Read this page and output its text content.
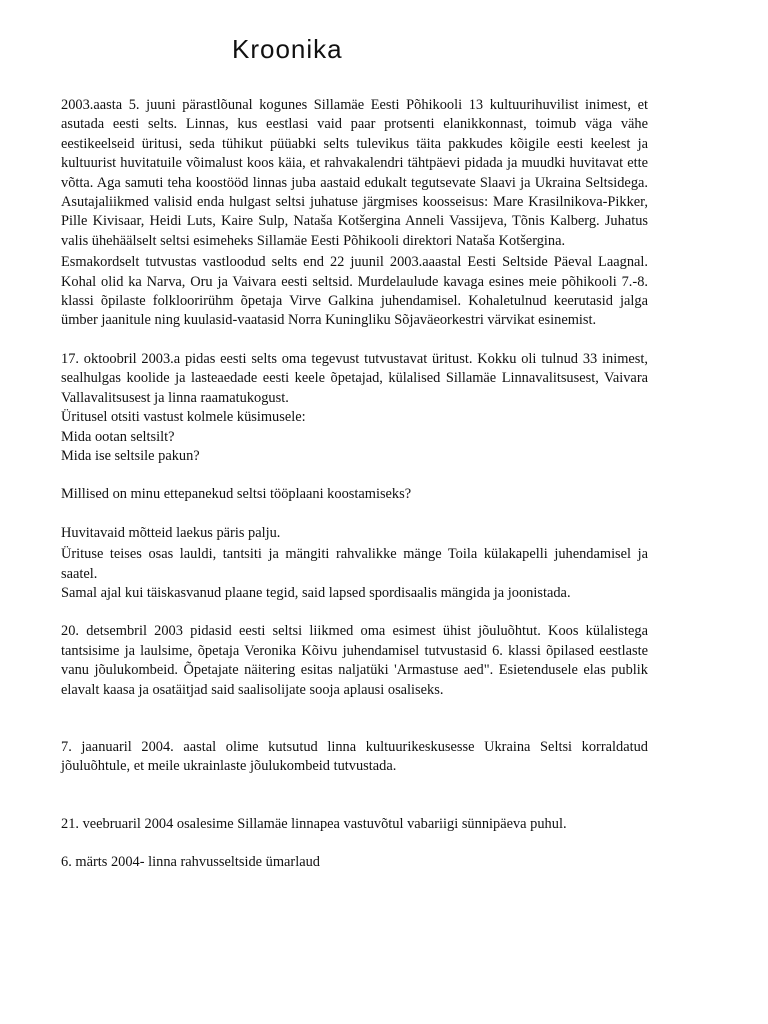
Kroonika

2003.aasta 5. juuni pärastlõunal kogunes Sillamäe Eesti Põhikooli 13 kultuurihuvilist inimest, et asutada eesti selts. Linnas, kus eestlasi vaid paar protsenti elanikkonnast, toimub väga vähe eestikeelseid üritusi, seda tühikut püüabki selts tulevikus täita pakkudes kõigile eesti keelest ja kultuurist huvitatuile võimalust koos käia, et rahvakalendri tähtpäevi pidada ja muudki huvitavat ette võtta. Aga samuti teha koostööd linnas juba aastaid edukalt tegutsevate Slaavi ja Ukraina Seltsidega. Asutajaliikmed valisid enda hulgast seltsi juhatuse järgmises koosseisus: Mare Krasilnikova-Pikker, Pille Kivisaar, Heidi Luts, Kaire Sulp, Nataša Kotšergina Anneli Vassijeva, Tõnis Kalberg. Juhatus valis ühehäälselt seltsi esimeheks Sillamäe Eesti Põhikooli direktori Nataša Kotšergina.

Esmakordselt tutvustas vastloodud selts end 22 juunil 2003.aaastal Eesti Seltside Päeval Laagnal. Kohal olid ka Narva, Oru ja Vaivara eesti seltsid. Murdelaulude kavaga esines meie põhikooli 7.-8. klassi õpilaste folkloorirühm õpetaja Virve Galkina juhendamisel. Kohaletulnud keerutasid jalga ümber jaanitule ning kuulasid-vaatasid Norra Kuningliku Sõjaväeorkestri värvikat esinemist.

17. oktoobril 2003.a pidas eesti selts oma tegevust tutvustavat üritust. Kokku oli tulnud 33 inimest, sealhulgas koolide ja lasteaedade eesti keele õpetajad, külalised Sillamäe Linnavalitsusest, Vaivara Vallavalitsusest ja linna raamatukogust.

Üritusel otsiti vastust kolmele küsimusele:
Mida ootan seltsilt?
Mida ise seltsile pakun?
Millised on minu ettepanekud seltsi tööplaani koostamiseks?
Huvitavaid mõtteid laekus päris palju.

Ürituse teises osas lauldi, tantsiti ja mängiti rahvalikke mänge Toila külakapelli juhendamisel ja saatel.

Samal ajal kui täiskasvanud plaane tegid, said lapsed spordisaalis mängida ja joonistada.

20. detsembril 2003 pidasid eesti seltsi liikmed oma esimest ühist jõuluõhtut. Koos külalistega tantsisime ja laulsime, õpetaja Veronika Kõivu juhendamisel tutvustasid 6. klassi õpilased eestlaste vanu jõulukombeid. Õpetajate näitering esitas naljatüki 'Armastuse aed". Esietendusele elas publik elavalt kaasa ja osatäitjad said saalisolijate sooja aplausi osaliseks.

7. jaanuaril 2004. aastal olime kutsutud linna kultuurikeskusesse Ukraina Seltsi korraldatud jõuluõhtule, et meile ukrainlaste jõulukombeid tutvustada.

21. veebruaril 2004 osalesime Sillamäe linnapea vastuvõtul vabariigi sünnipäeva puhul.

6. märts 2004- linna rahvusseltside ümarlaud
